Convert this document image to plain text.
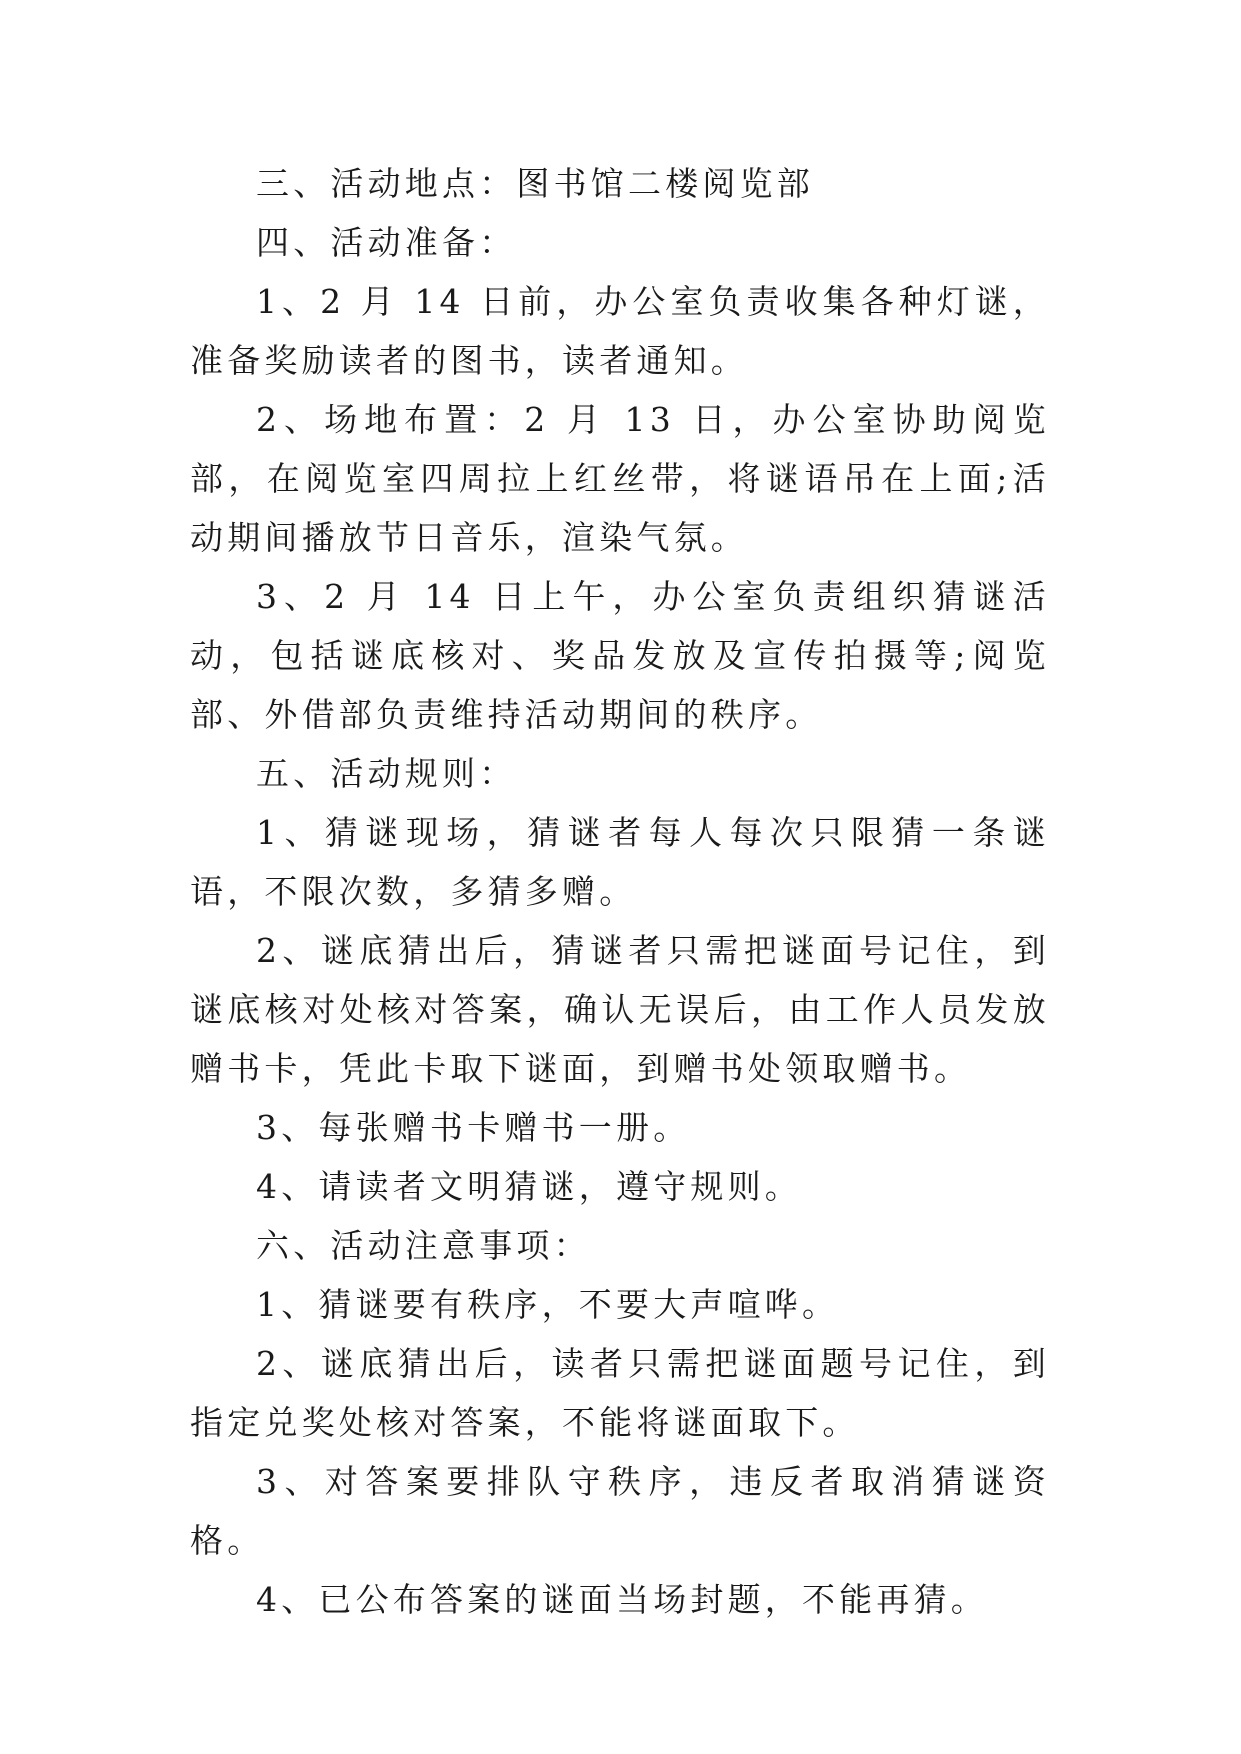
三、活动地点：图书馆二楼阅览部

四、活动准备：

1、2 月 14 日前，办公室负责收集各种灯谜，准备奖励读者的图书，读者通知。

2、场地布置：2 月 13 日，办公室协助阅览部，在阅览室四周拉上红丝带，将谜语吊在上面;活动期间播放节日音乐，渲染气氛。

3、2 月 14 日上午，办公室负责组织猜谜活动，包括谜底核对、奖品发放及宣传拍摄等;阅览部、外借部负责维持活动期间的秩序。

五、活动规则：

1、猜谜现场，猜谜者每人每次只限猜一条谜语，不限次数，多猜多赠。

2、谜底猜出后，猜谜者只需把谜面号记住，到谜底核对处核对答案，确认无误后，由工作人员发放赠书卡，凭此卡取下谜面，到赠书处领取赠书。

3、每张赠书卡赠书一册。

4、请读者文明猜谜，遵守规则。

六、活动注意事项：

1、猜谜要有秩序，不要大声喧哗。

2、谜底猜出后，读者只需把谜面题号记住，到指定兑奖处核对答案，不能将谜面取下。

3、对答案要排队守秩序，违反者取消猜谜资格。

4、已公布答案的谜面当场封题，不能再猜。
